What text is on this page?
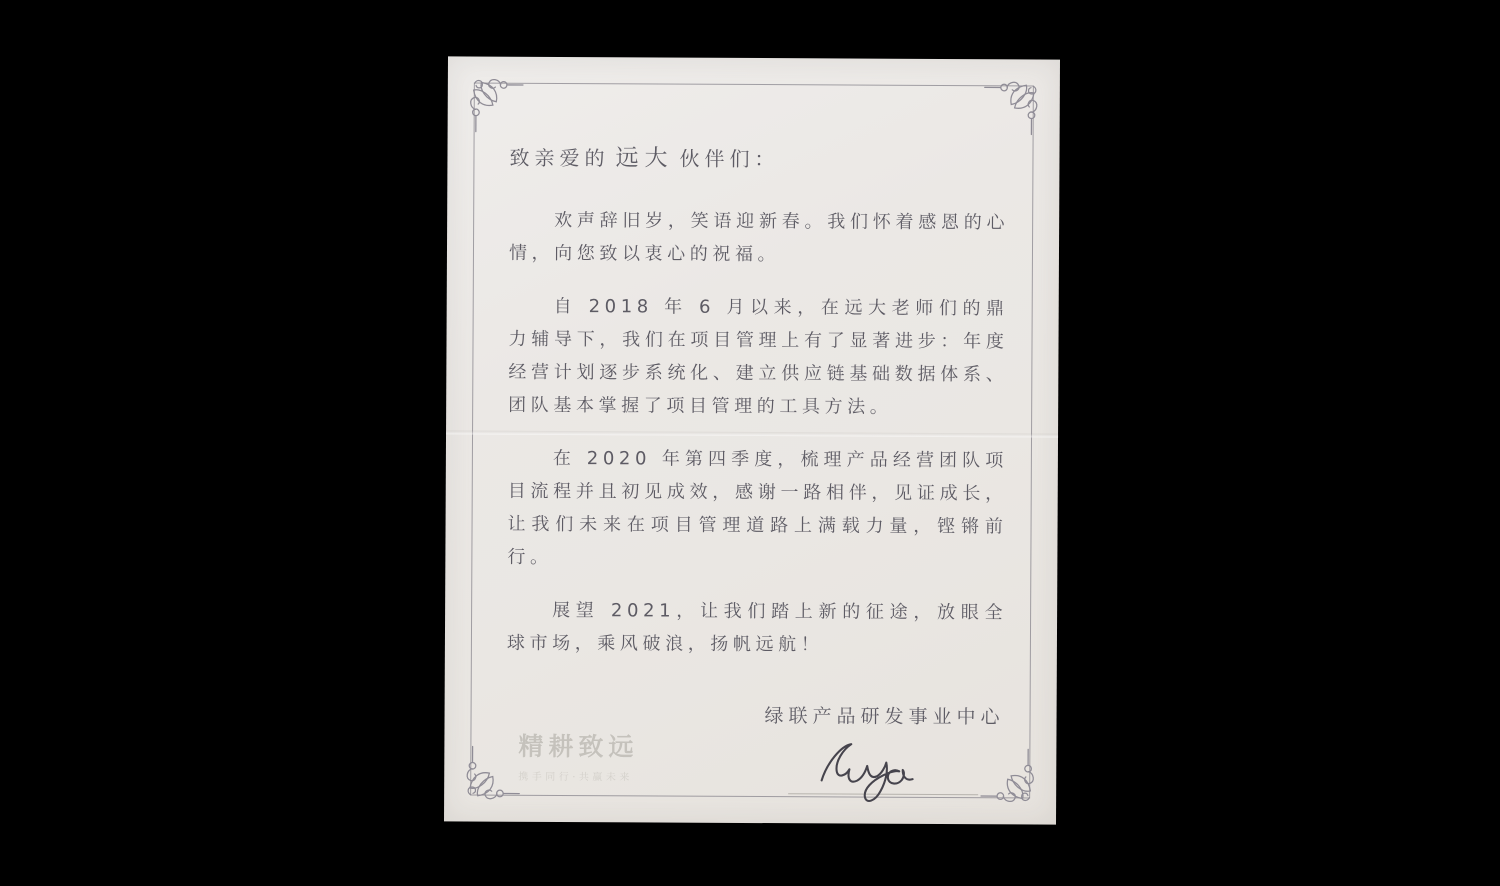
致亲爱的 远大 伙伴们：

欢声辞旧岁，笑语迎新春。我们怀着感恩的心情，向您致以衷心的祝福。

自 2018 年 6 月以来，在远大老师们的鼎力辅导下，我们在项目管理上有了显著进步：年度经营计划逐步系统化、建立供应链基础数据体系、团队基本掌握了项目管理的工具方法。

在 2020 年第四季度，梳理产品经营团队项目流程并且初见成效，感谢一路相伴，见证成长，让我们未来在项目管理道路上满载力量，铿锵前行。

展望 2021，让我们踏上新的征途，放眼全球市场，乘风破浪，扬帆远航！

绿联产品研发事业中心
精耕致远
携手同行·共赢未来
